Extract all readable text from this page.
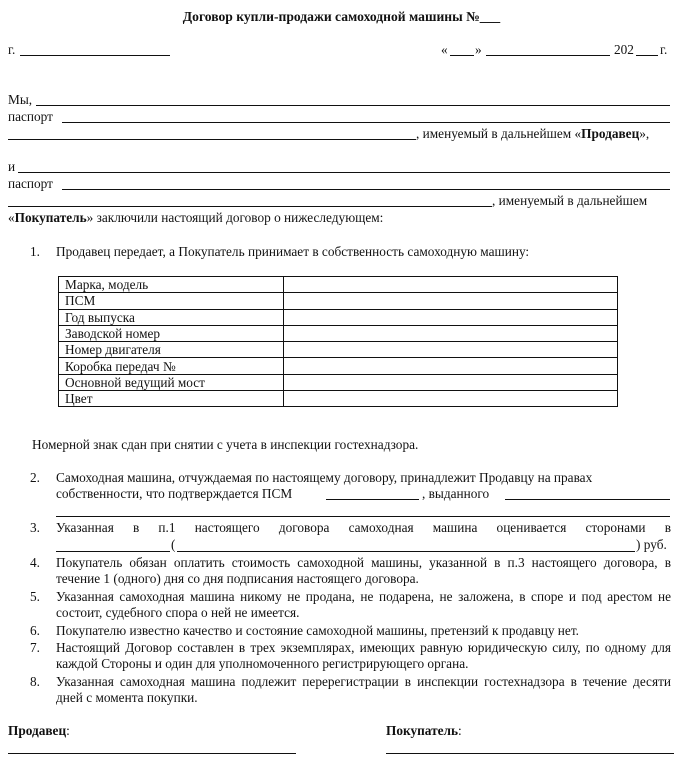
Договор купли-продажи самоходной машины №___
г.	« »	202 г.
Мы,
паспорт
, именуемый в дальнейшем «Продавец»,
и
паспорт
, именуемый в дальнейшем
«Покупатель» заключили настоящий договор о нижеследующем:
1. Продавец передает, а Покупатель принимает в собственность самоходную машину:
Марка, модель	
ПСМ	
Год выпуска	
Заводской номер	
Номер двигателя	
Коробка передач №	
Основной ведущий мост	
Цвет	
Номерной знак сдан при снятии с учета в инспекции гостехнадзора.
2. Самоходная машина, отчуждаемая по настоящему договору, принадлежит Продавцу на правах
собственности, что подтверждается ПСМ	, выданного
3. Указанная в п.1 настоящего договора самоходная машина оценивается сторонами в
(	) руб.
4. Покупатель обязан оплатить стоимость самоходной машины, указанной в п.3 настоящего договора, в течение 1 (одного) дня со дня подписания настоящего договора.
5. Указанная самоходная машина никому не продана, не подарена, не заложена, в споре и под арестом не состоит, судебного спора о ней не имеется.
6. Покупателю известно качество и состояние самоходной машины, претензий к продавцу нет.
7. Настоящий Договор составлен в трех экземплярах, имеющих равную юридическую силу, по одному для каждой Стороны и один для уполномоченного регистрирующего органа.
8. Указанная самоходная машина подлежит перерегистрации в инспекции гостехнадзора в течение десяти дней с момента покупки.
Продавец:	Покупатель:
